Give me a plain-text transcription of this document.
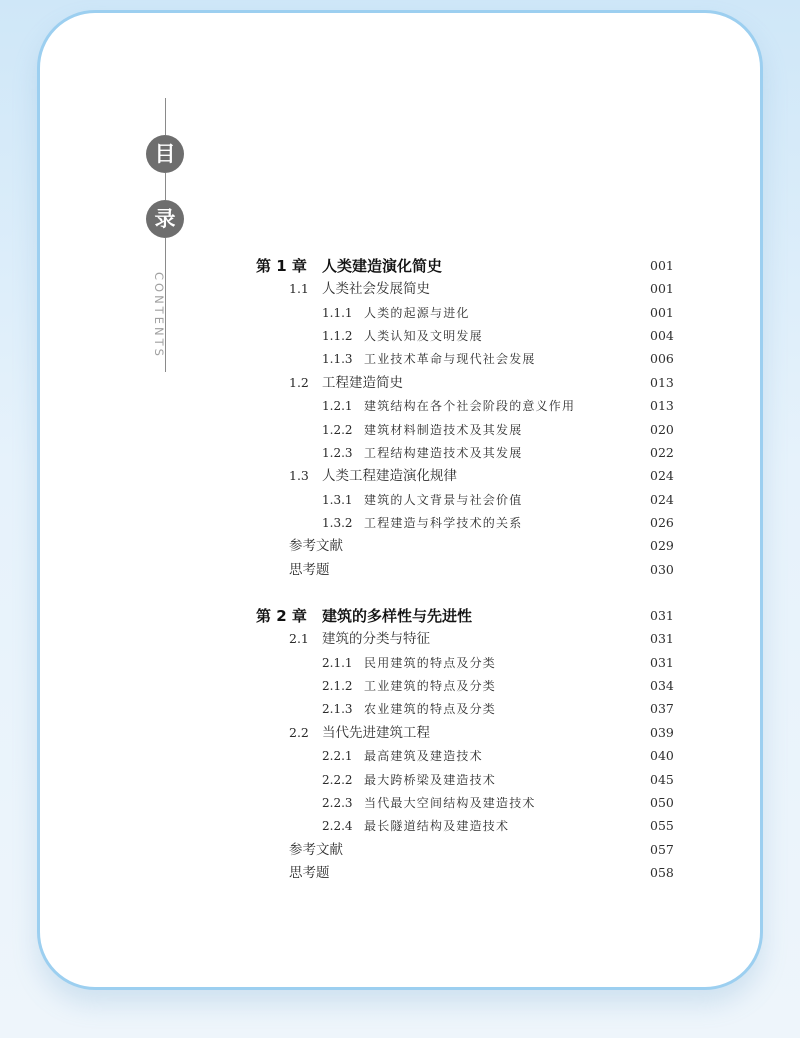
目
录
CONTENTS
第 1 章 人类建造演化简史	001
1.1 人类社会发展简史	001
1.1.1 人类的起源与进化	001
1.1.2 人类认知及文明发展	004
1.1.3 工业技术革命与现代社会发展	006
1.2 工程建造简史	013
1.2.1 建筑结构在各个社会阶段的意义作用	013
1.2.2 建筑材料制造技术及其发展	020
1.2.3 工程结构建造技术及其发展	022
1.3 人类工程建造演化规律	024
1.3.1 建筑的人文背景与社会价值	024
1.3.2 工程建造与科学技术的关系	026
参考文献	029
思考题	030
第 2 章 建筑的多样性与先进性	031
2.1 建筑的分类与特征	031
2.1.1 民用建筑的特点及分类	031
2.1.2 工业建筑的特点及分类	034
2.1.3 农业建筑的特点及分类	037
2.2 当代先进建筑工程	039
2.2.1 最高建筑及建造技术	040
2.2.2 最大跨桥梁及建造技术	045
2.2.3 当代最大空间结构及建造技术	050
2.2.4 最长隧道结构及建造技术	055
参考文献	057
思考题	058
